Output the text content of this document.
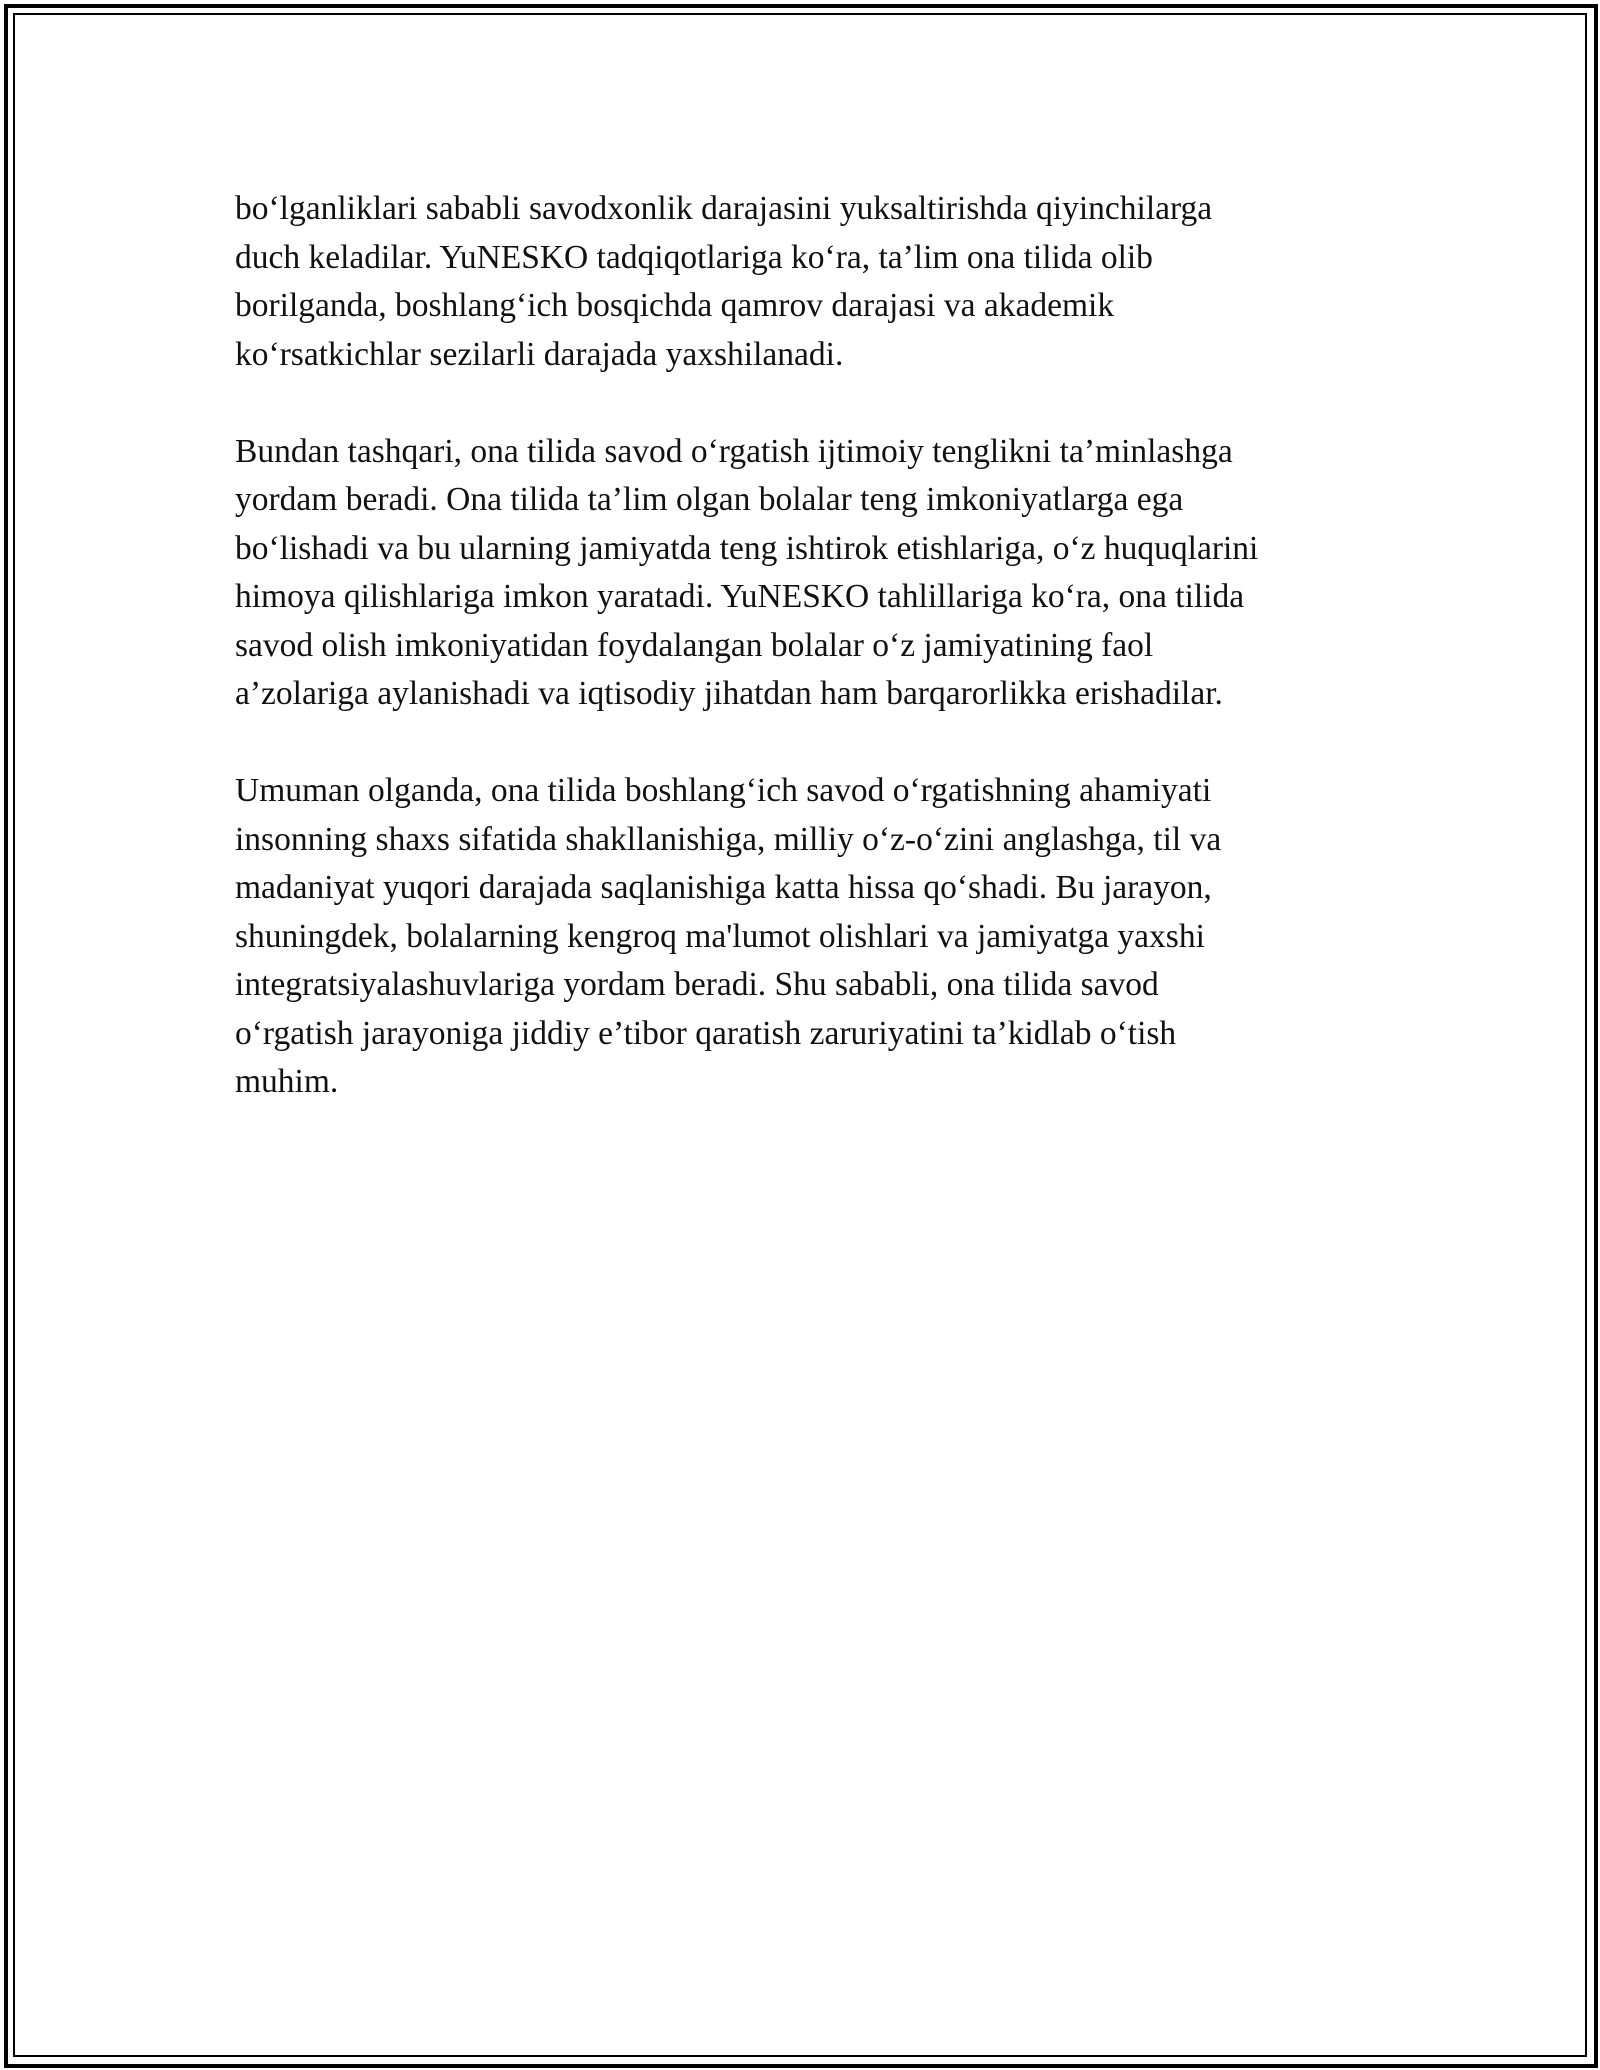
bo‘lganliklari sababli savodxonlik darajasini yuksaltirishda qiyinchilarga
duch keladilar. YuNESKO tadqiqotlariga ko‘ra, ta’lim ona tilida olib
borilganda, boshlang‘ich bosqichda qamrov darajasi va akademik
ko‘rsatkichlar sezilarli darajada yaxshilanadi.

Bundan tashqari, ona tilida savod o‘rgatish ijtimoiy tenglikni ta’minlashga
yordam beradi. Ona tilida ta’lim olgan bolalar teng imkoniyatlarga ega
bo‘lishadi va bu ularning jamiyatda teng ishtirok etishlariga, o‘z huquqlarini
himoya qilishlariga imkon yaratadi. YuNESKO tahlillariga ko‘ra, ona tilida
savod olish imkoniyatidan foydalangan bolalar o‘z jamiyatining faol
a’zolariga aylanishadi va iqtisodiy jihatdan ham barqarorlikka erishadilar.

Umuman olganda, ona tilida boshlang‘ich savod o‘rgatishning ahamiyati
insonning shaxs sifatida shakllanishiga, milliy o‘z-o‘zini anglashga, til va
madaniyat yuqori darajada saqlanishiga katta hissa qo‘shadi. Bu jarayon,
shuningdek, bolalarning kengroq ma'lumot olishlari va jamiyatga yaxshi
integratsiyalashuvlariga yordam beradi. Shu sababli, ona tilida savod
o‘rgatish jarayoniga jiddiy e’tibor qaratish zaruriyatini ta’kidlab o‘tish
muhim.
